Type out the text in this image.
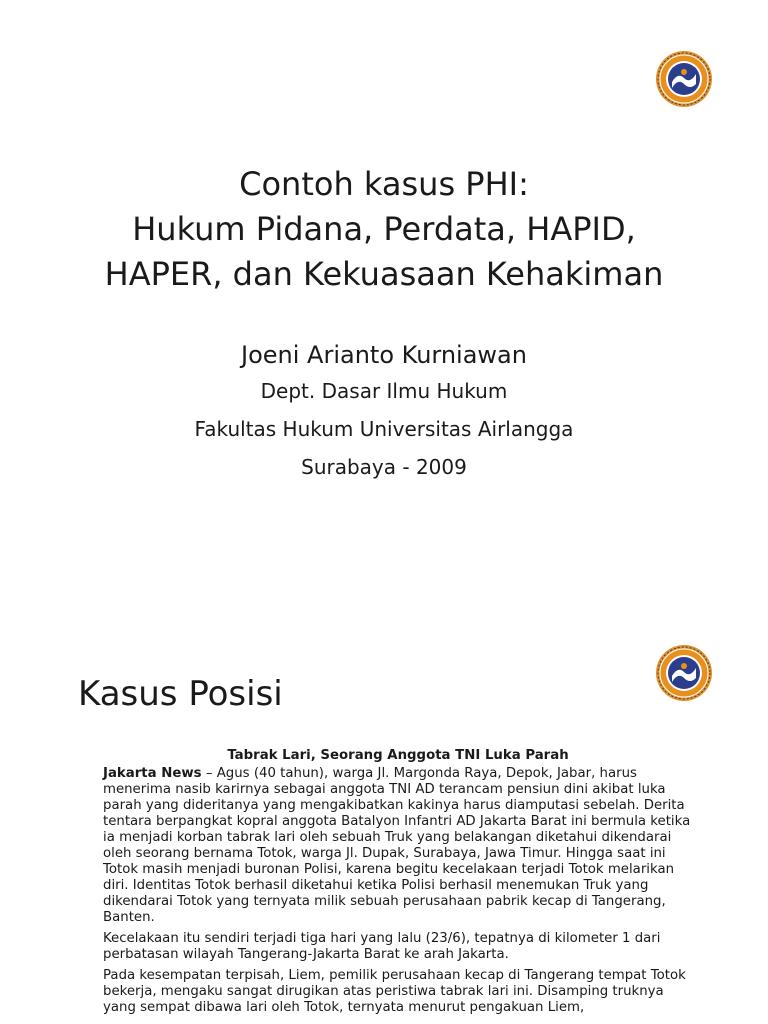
Contoh kasus PHI:
Hukum Pidana, Perdata, HAPID,
HAPER, dan Kekuasaan Kehakiman
Joeni Arianto Kurniawan
Dept. Dasar Ilmu Hukum
Fakultas Hukum Universitas Airlangga
Surabaya - 2009
Kasus Posisi
Tabrak Lari, Seorang Anggota TNI Luka Parah
Jakarta News – Agus (40 tahun), warga Jl. Margonda Raya, Depok, Jabar, harus menerima nasib karirnya sebagai anggota TNI AD terancam pensiun dini akibat luka parah yang dideritanya yang mengakibatkan kakinya harus diamputasi sebelah. Derita tentara berpangkat kopral anggota Batalyon Infantri AD Jakarta Barat ini bermula ketika ia menjadi korban tabrak lari oleh sebuah Truk yang belakangan diketahui dikendarai oleh seorang bernama Totok, warga Jl. Dupak, Surabaya, Jawa Timur. Hingga saat ini Totok masih menjadi buronan Polisi, karena begitu kecelakaan terjadi Totok melarikan diri. Identitas Totok berhasil diketahui ketika Polisi berhasil menemukan Truk yang dikendarai Totok yang ternyata milik sebuah perusahaan pabrik kecap di Tangerang, Banten.
Kecelakaan itu sendiri terjadi tiga hari yang lalu (23/6), tepatnya di kilometer 1 dari perbatasan wilayah Tangerang-Jakarta Barat ke arah Jakarta.
Pada kesempatan terpisah, Liem, pemilik perusahaan kecap di Tangerang tempat Totok bekerja, mengaku sangat dirugikan atas peristiwa tabrak lari ini. Disamping truknya yang sempat dibawa lari oleh Totok, ternyata menurut pengakuan Liem,
